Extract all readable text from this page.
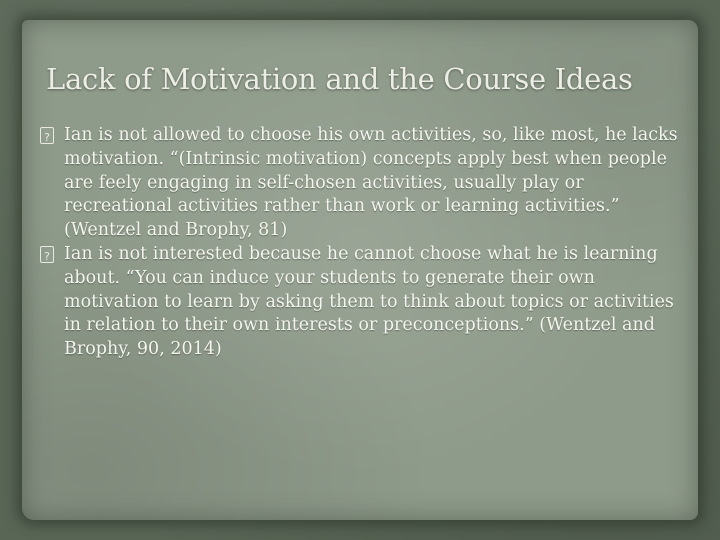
Lack of Motivation and the Course Ideas
?
Ian is not allowed to choose his own activities, so, like most, he lacks motivation. “(Intrinsic motivation) concepts apply best when people are feely engaging in self-chosen activities, usually play or recreational activities rather than work or learning activities.” (Wentzel and Brophy, 81)
?
Ian is not interested because he cannot choose what he is learning about. “You can induce your students to generate their own motivation to learn by asking them to think about topics or activities in relation to their own interests or preconceptions.” (Wentzel and Brophy, 90, 2014)
